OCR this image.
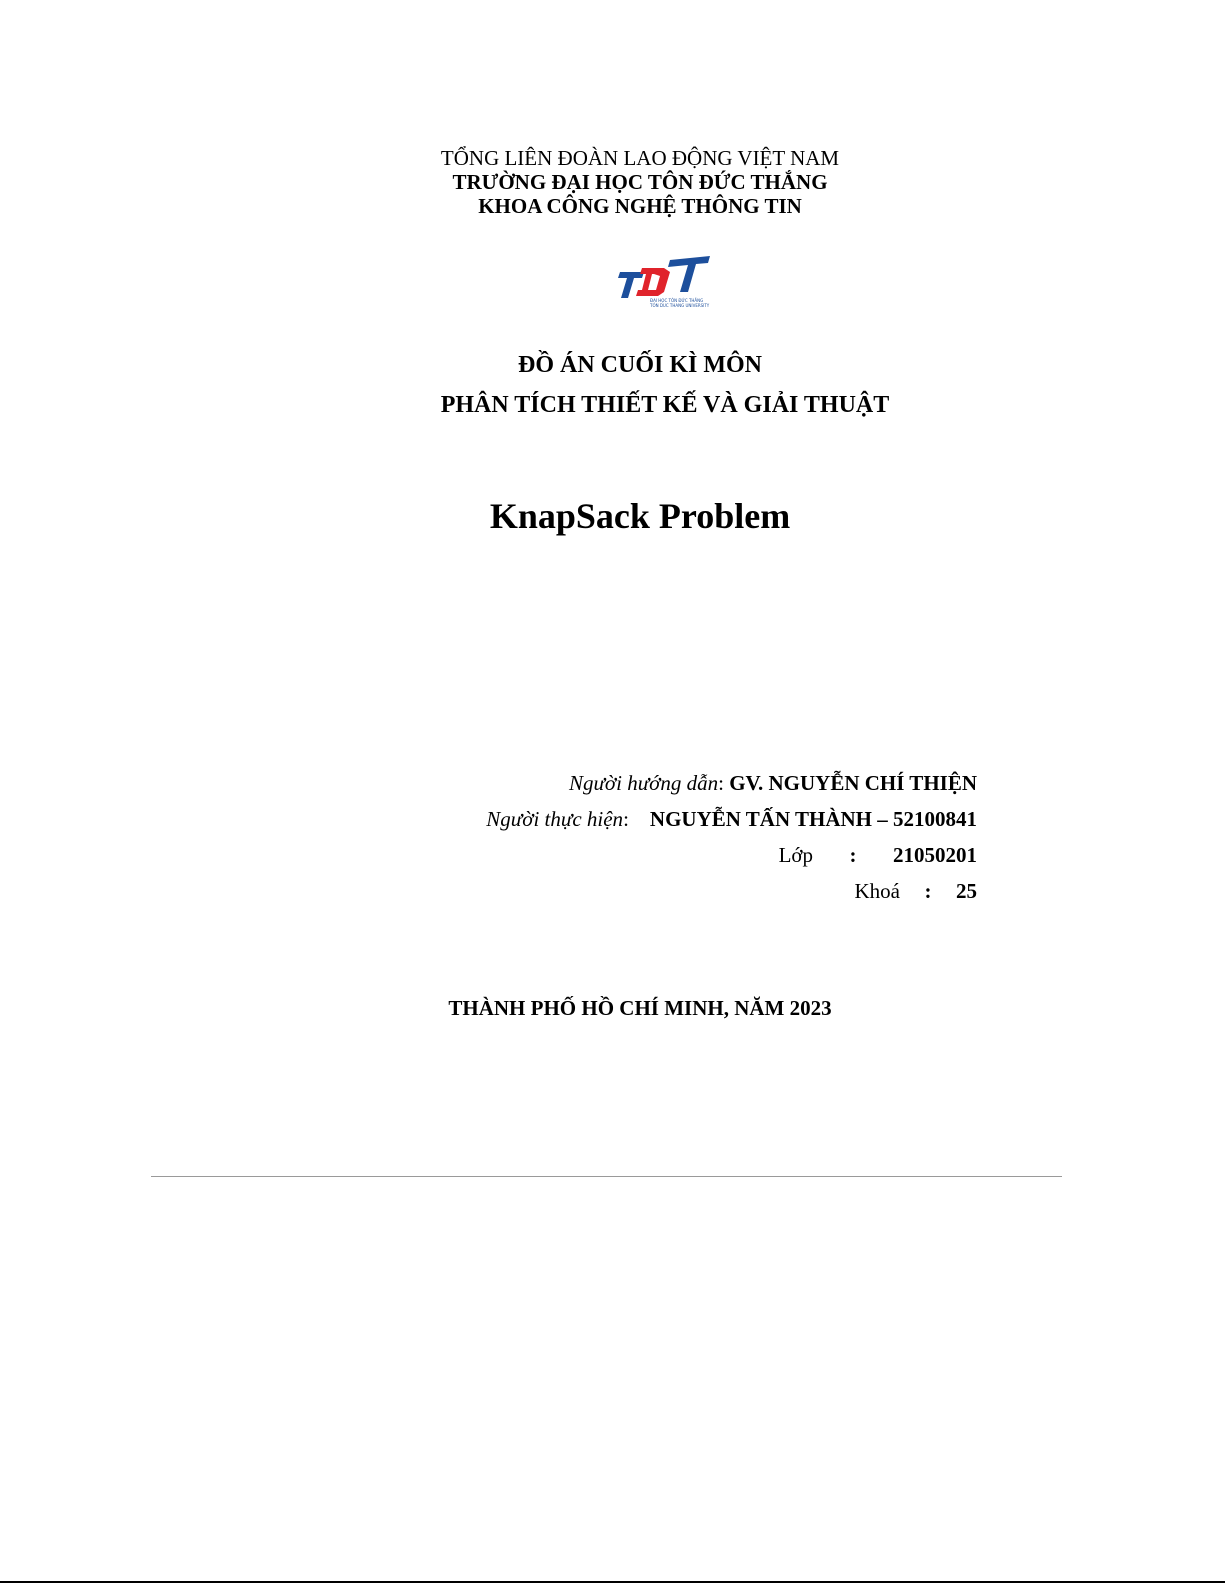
TỔNG LIÊN ĐOÀN LAO ĐỘNG VIỆT NAM
TRƯỜNG ĐẠI HỌC TÔN ĐỨC THẮNG
KHOA CÔNG NGHỆ THÔNG TIN
ĐẠI HỌC TÔN ĐỨC THẮNG
TON DUC THANG UNIVERSITY
ĐỒ ÁN CUỐI KÌ MÔN
PHÂN TÍCH THIẾT KẾ VÀ GIẢI THUẬT
KnapSack Problem
Người hướng dẫn: GV. NGUYỄN CHÍ THIỆN
Người thực hiện:    NGUYỄN TẤN THÀNH – 52100841
Lớp : 21050201
Khoá : 25
THÀNH PHỐ HỒ CHÍ MINH, NĂM 2023
